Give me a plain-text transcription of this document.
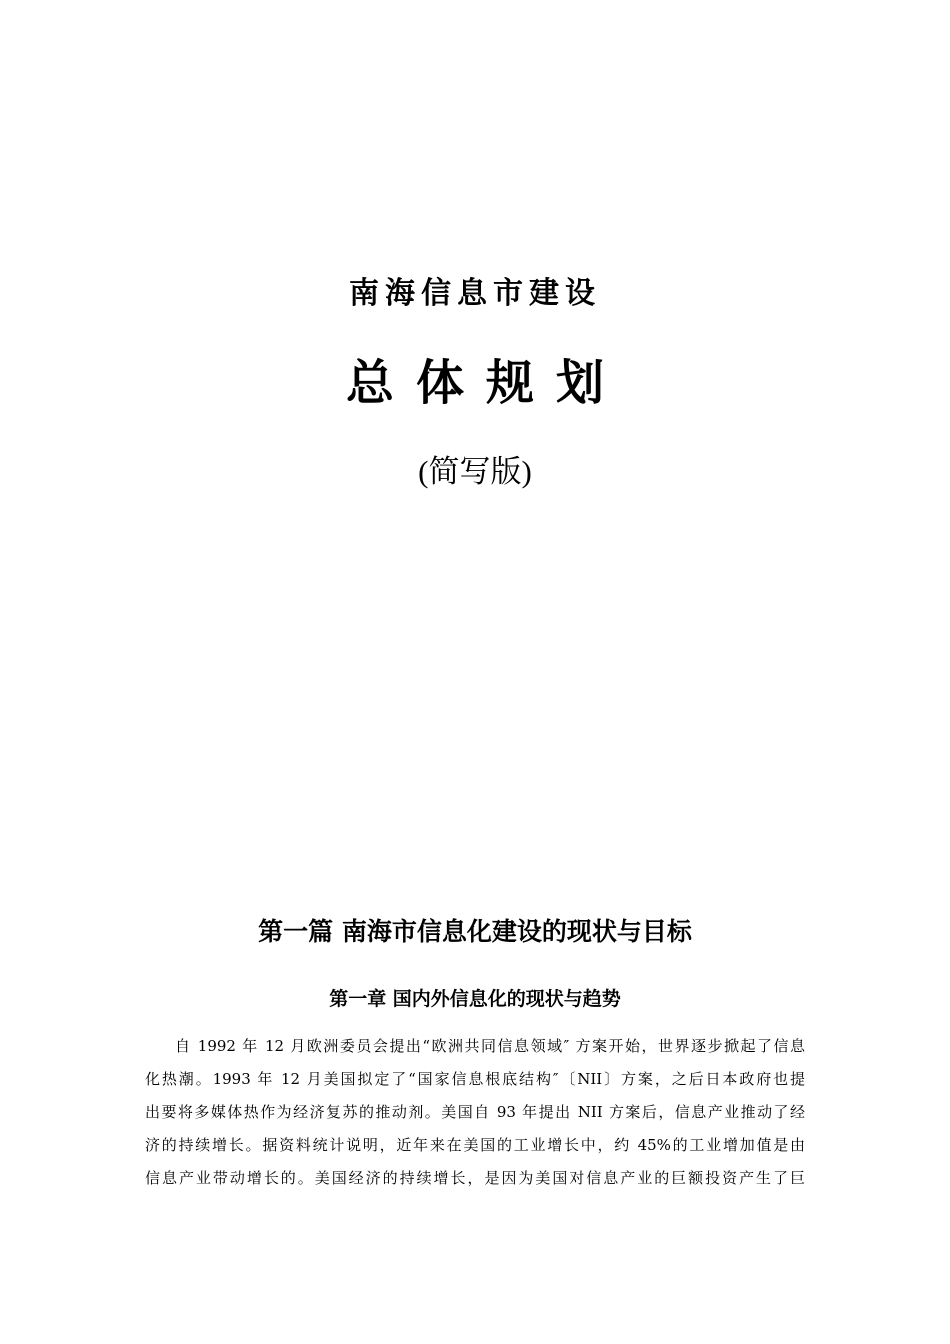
南海信息市建设
总体规划
(简写版)
第一篇 南海市信息化建设的现状与目标
第一章 国内外信息化的现状与趋势
自 1992 年 12 月欧洲委员会提出“欧洲共同信息领域″ 方案开始，世界逐步掀起了信息
化热潮。1993 年 12 月美国拟定了“国家信息根底结构″〔NII〕方案，之后日本政府也提
出要将多媒体热作为经济复苏的推动剂。美国自 93 年提出 NII 方案后，信息产业推动了经
济的持续增长。据资料统计说明，近年来在美国的工业增长中，约 45%的工业增加值是由
信息产业带动增长的。美国经济的持续增长，是因为美国对信息产业的巨额投资产生了巨
